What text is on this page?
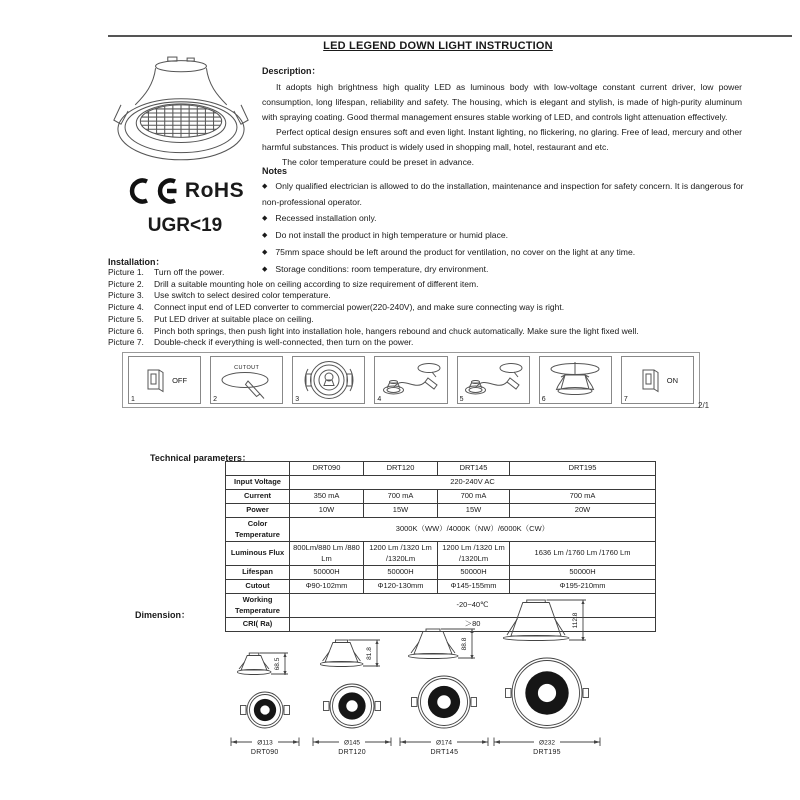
LED LEGEND DOWN LIGHT INSTRUCTION
RoHS
UGR<19
Description：

It adopts high brightness high quality LED as luminous body with low-voltage constant current driver, low power consumption, long lifespan, reliability and safety. The housing, which is elegant and stylish, is made of high-purity aluminum with spraying coating. Good thermal management ensures stable working of LED, and controls light attenuation effectively.

Perfect optical design ensures soft and even light. Instant lighting, no flickering, no glaring. Free of lead, mercury and other harmful substances. This product is widely used in shopping mall, hotel, restaurant and etc.

The color temperature could be preset in advance.

Notes
◆ Only qualified electrician is allowed to do the installation, maintenance and inspection for safety concern. It is dangerous for non-professional operator.
◆ Recessed installation only.
◆ Do not install the product in high temperature or humid place.
◆ 75mm space should be left around the product for ventilation, no cover on the light at any time.
◆ Storage conditions: room temperature, dry environment.
Installation：
Picture 1. Turn off the power.
Picture 2. Drill a suitable mounting hole on ceiling according to size requirement of different item.
Picture 3. Use switch to select desired color temperature.
Picture 4. Connect input end of LED converter to commercial power(220-240V), and make sure connecting way is right.
Picture 5. Put LED driver at suitable place on ceiling.
Picture 6. Pinch both springs, then push light into installation hole, hangers rebound and chuck automatically. Make sure the light fixed well.
Picture 7. Double-check if everything is well-connected, then turn on the power.
1
OFF
2
CUTOUT
3	4	5	6	7
ON
2/1
Technical parameters：
	DRT090	DRT120	DRT145	DRT195
Input Voltage	220-240V AC			
Current	350 mA	700 mA	700 mA	700 mA
Power	10W	15W	15W	20W
Color Temperature	3000K（WW）/4000K（NW）/6000K（CW）			
Luminous Flux	800Lm/880 Lm /880 Lm	1200 Lm /1320 Lm /1320Lm	1200 Lm /1320 Lm /1320Lm	1636 Lm /1760 Lm /1760 Lm
Lifespan	50000H	50000H	50000H	50000H
Cutout	Φ90-102mm	Φ120-130mm	Φ145-155mm	Φ195-210mm
Working Temperature	-20~40℃			
CRI( Ra)	＞80			
Dimension：
68.5
Ø113
DRT090
81.8
Ø145
DRT120
88.8
Ø174
DRT145
112.8
Ø232
DRT195
